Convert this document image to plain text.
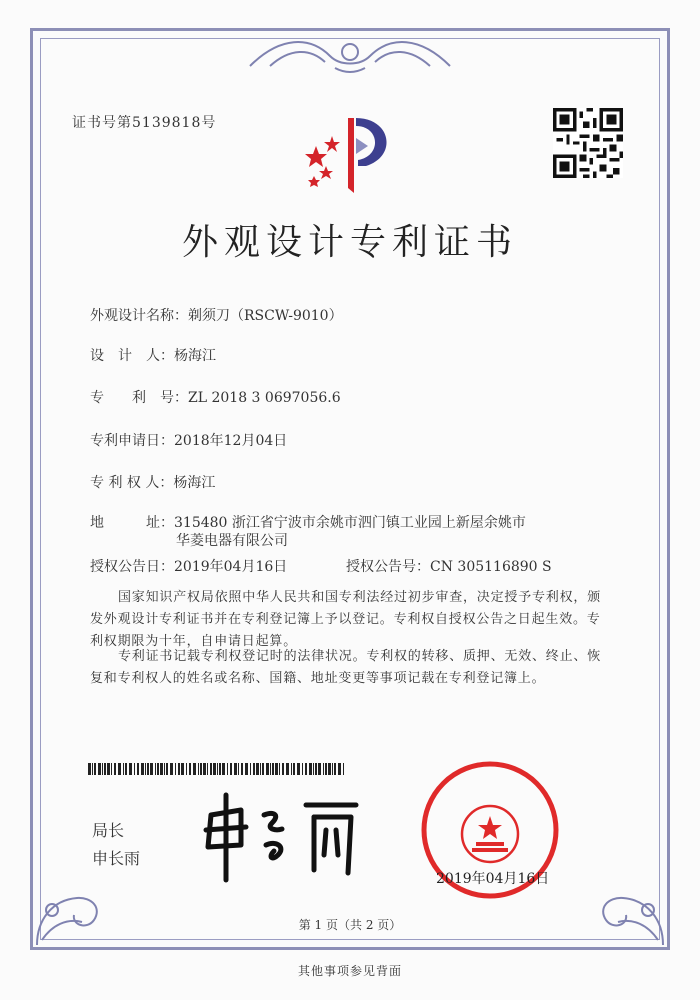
证书号第5139818号
外观设计专利证书
外观设计名称：剃须刀（RSCW-9010）
设　计　人：杨海江
专　　利　号：ZL 2018 3 0697056.6
专利申请日：2018年12月04日
专 利 权 人：杨海江
地　　　址：315480 浙江省宁波市余姚市泗门镇工业园上新屋余姚市
华菱电器有限公司
授权公告日：2019年04月16日	授权公告号：CN 305116890 S
国家知识产权局依照中华人民共和国专利法经过初步审查，决定授予专利权，颁发外观设计专利证书并在专利登记簿上予以登记。专利权自授权公告之日起生效。专利权期限为十年，自申请日起算。
专利证书记载专利权登记时的法律状况。专利权的转移、质押、无效、终止、恢复和专利权人的姓名或名称、国籍、地址变更等事项记载在专利登记簿上。
局长
申长雨
2019年04月16日
第 1 页（共 2 页）
其他事项参见背面
